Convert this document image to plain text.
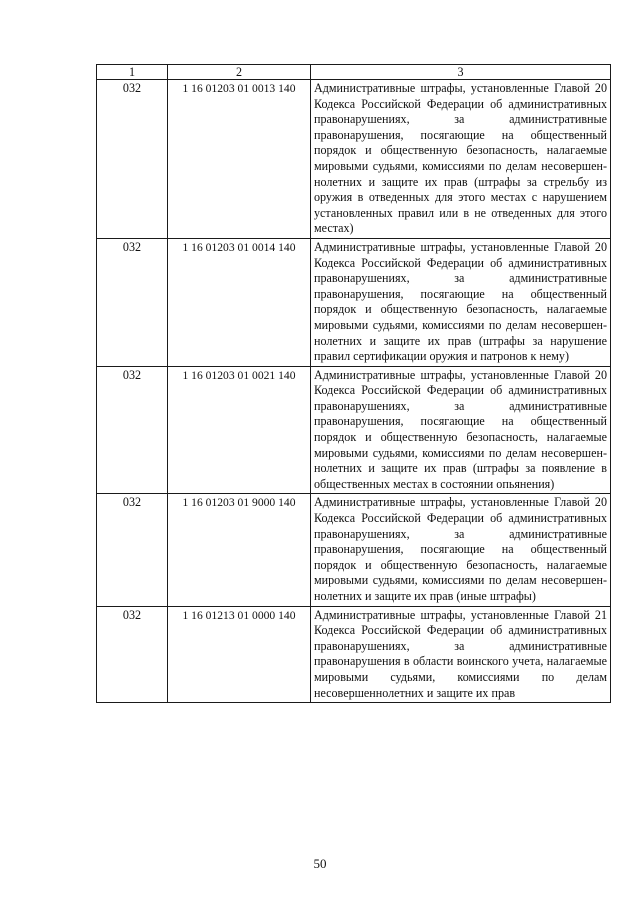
1	2	3
032	1 16 01203 01 0013 140	Административные штрафы, установленные Главой 20 Кодекса Российской Федерации об административных правонарушениях, за административные правонарушения, посягающие на общественный порядок и общественную безопасность, налагаемые мировыми судьями, комиссиями по делам несовершеннолетних и защите их прав (штрафы за стрельбу из оружия в отведенных для этого местах с нарушением установленных правил или в не отведенных для этого местах)
032	1 16 01203 01 0014 140	Административные штрафы, установленные Главой 20 Кодекса Российской Федерации об административных правонарушениях, за административные правонарушения, посягающие на общественный порядок и общественную безопасность, налагаемые мировыми судьями, комиссиями по делам несовершеннолетних и защите их прав (штрафы за нарушение правил сертификации оружия и патронов к нему)
032	1 16 01203 01 0021 140	Административные штрафы, установленные Главой 20 Кодекса Российской Федерации об административных правонарушениях, за административные правонарушения, посягающие на общественный порядок и общественную безопасность, налагаемые мировыми судьями, комиссиями по делам несовершеннолетних и защите их прав (штрафы за появление в общественных местах в состоянии опьянения)
032	1 16 01203 01 9000 140	Административные штрафы, установленные Главой 20 Кодекса Российской Федерации об административных правонарушениях, за административные правонарушения, посягающие на общественный порядок и общественную безопасность, налагаемые мировыми судьями, комиссиями по делам несовершеннолетних и защите их прав (иные штрафы)
032	1 16 01213 01 0000 140	Административные штрафы, установленные Главой 21 Кодекса Российской Федерации об административных правонарушениях, за административные правонарушения в области воинского учета, налагаемые мировыми судьями, комиссиями по делам несовершеннолетних и защите их прав
50
